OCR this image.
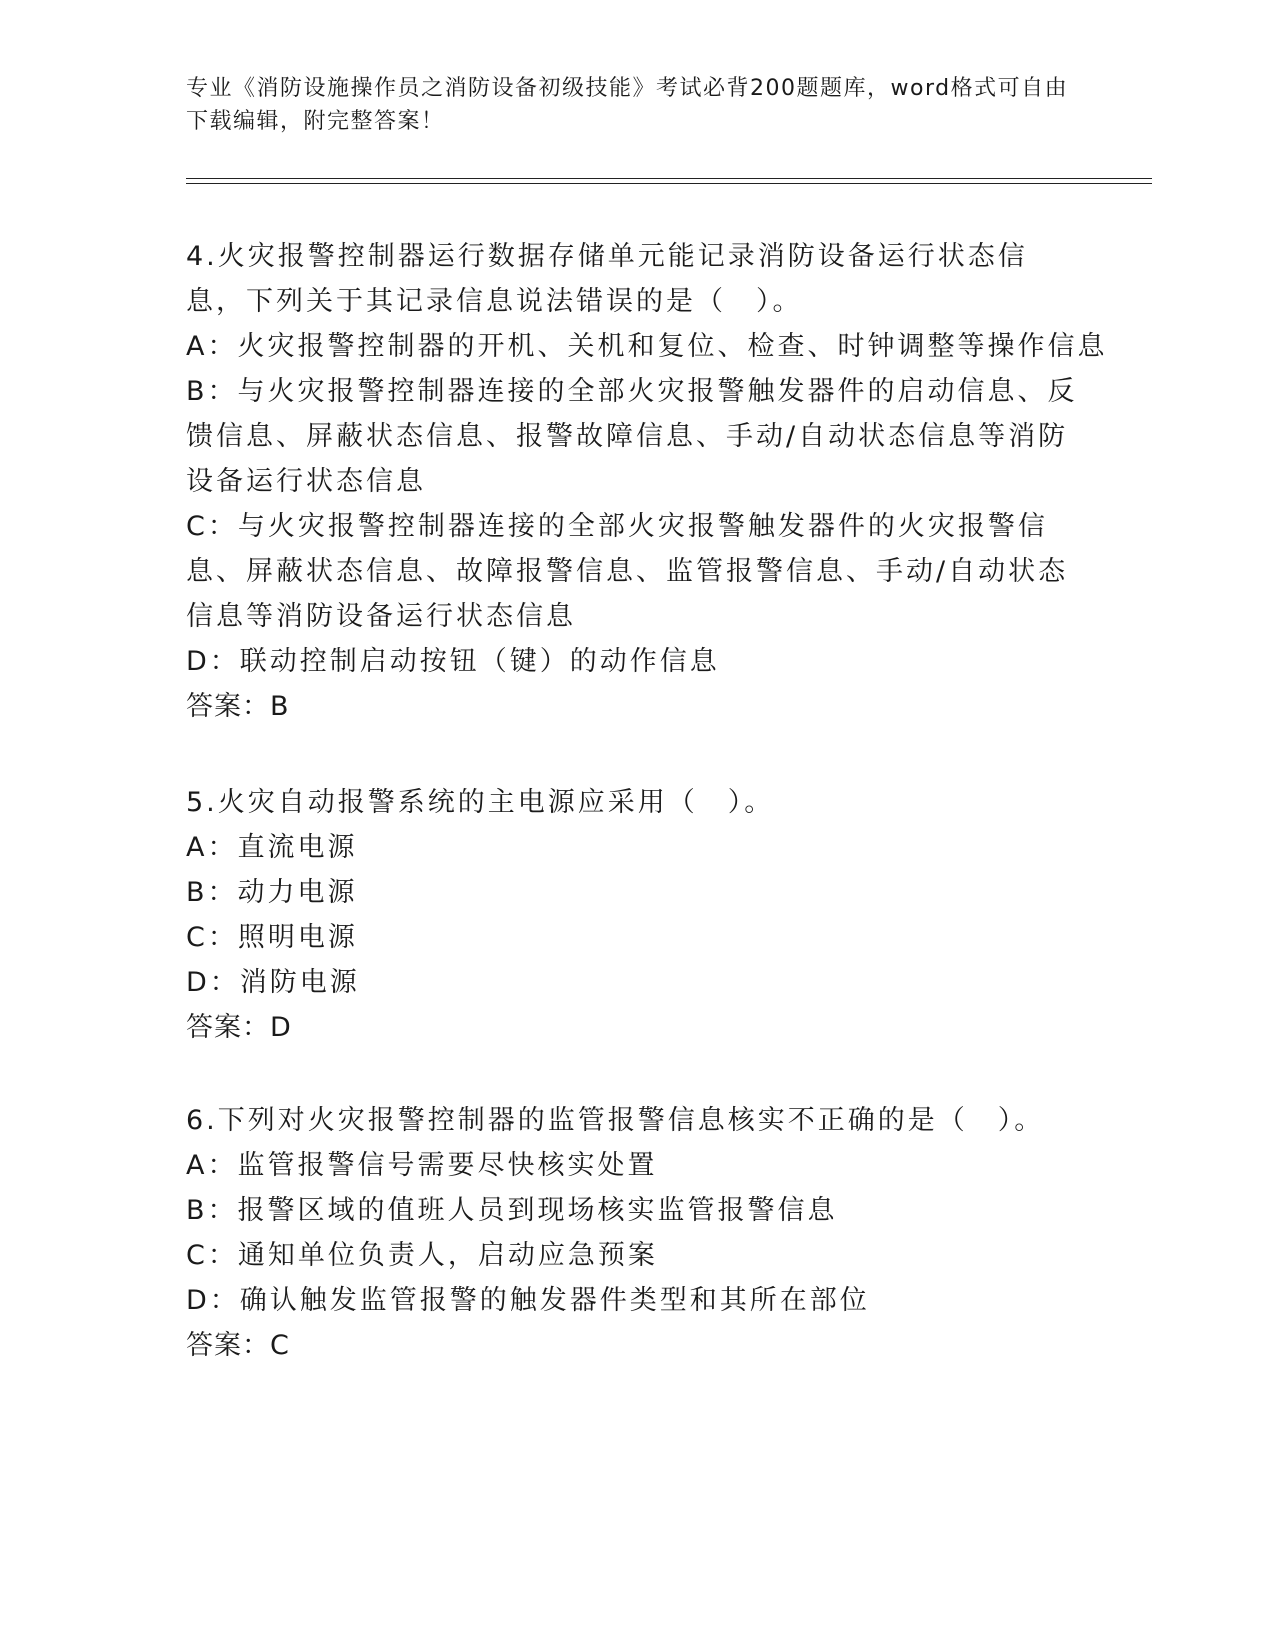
专业《消防设施操作员之消防设备初级技能》考试必背200题题库，word格式可自由下载编辑，附完整答案！
4.火灾报警控制器运行数据存储单元能记录消防设备运行状态信息，下列关于其记录信息说法错误的是（　）。
A：火灾报警控制器的开机、关机和复位、检查、时钟调整等操作信息
B：与火灾报警控制器连接的全部火灾报警触发器件的启动信息、反馈信息、屏蔽状态信息、报警故障信息、手动/自动状态信息等消防设备运行状态信息
C：与火灾报警控制器连接的全部火灾报警触发器件的火灾报警信息、屏蔽状态信息、故障报警信息、监管报警信息、手动/自动状态信息等消防设备运行状态信息
D：联动控制启动按钮（键）的动作信息
答案：B
5.火灾自动报警系统的主电源应采用（　）。
A：直流电源
B：动力电源
C：照明电源
D：消防电源
答案：D
6.下列对火灾报警控制器的监管报警信息核实不正确的是（　）。
A：监管报警信号需要尽快核实处置
B：报警区域的值班人员到现场核实监管报警信息
C：通知单位负责人，启动应急预案
D：确认触发监管报警的触发器件类型和其所在部位
答案：C
